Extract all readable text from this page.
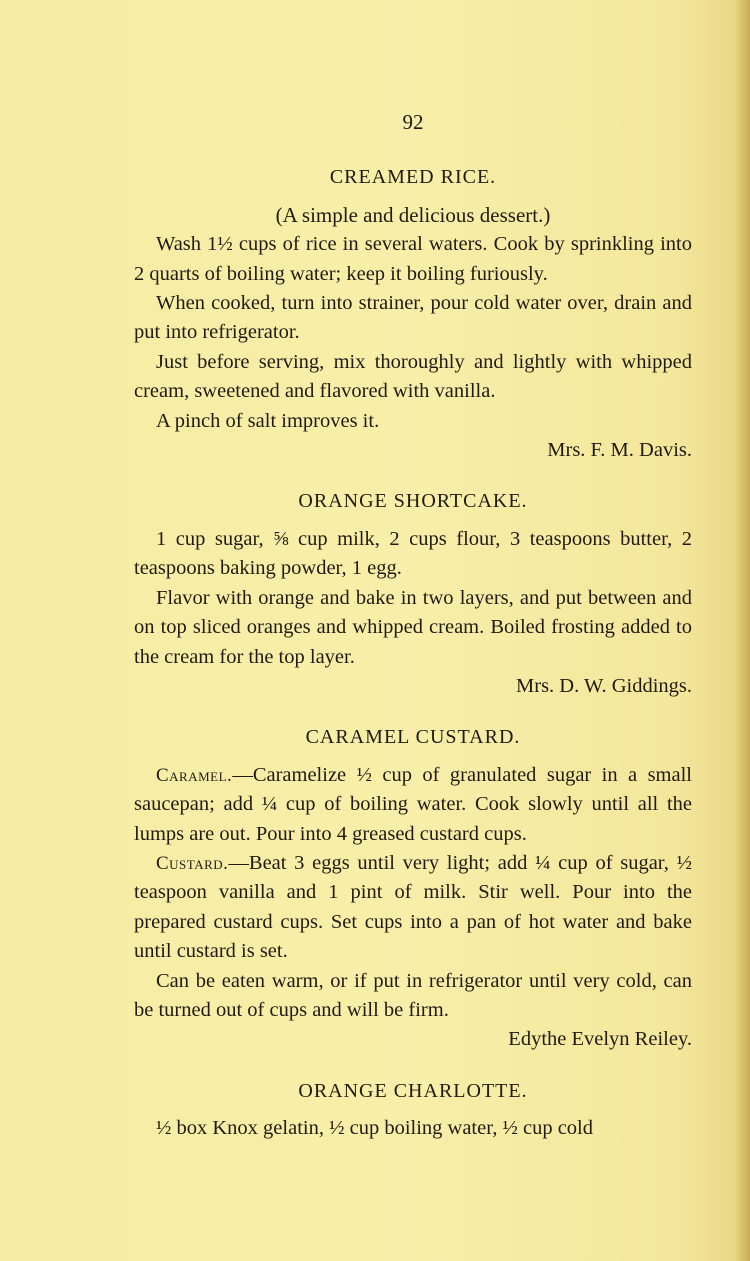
92
CREAMED RICE.
(A simple and delicious dessert.)

Wash 1½ cups of rice in several waters. Cook by sprinkling into 2 quarts of boiling water; keep it boiling furiously.

When cooked, turn into strainer, pour cold water over, drain and put into refrigerator.

Just before serving, mix thoroughly and lightly with whipped cream, sweetened and flavored with vanilla.

A pinch of salt improves it.

Mrs. F. M. Davis.
ORANGE SHORTCAKE.

1 cup sugar, ⅝ cup milk, 2 cups flour, 3 teaspoons butter, 2 teaspoons baking powder, 1 egg.

Flavor with orange and bake in two layers, and put between and on top sliced oranges and whipped cream. Boiled frosting added to the cream for the top layer.

Mrs. D. W. Giddings.
CARAMEL CUSTARD.

Caramel.—Caramelize ½ cup of granulated sugar in a small saucepan; add ¼ cup of boiling water. Cook slowly until all the lumps are out. Pour into 4 greased custard cups.

Custard.—Beat 3 eggs until very light; add ¼ cup of sugar, ½ teaspoon vanilla and 1 pint of milk. Stir well. Pour into the prepared custard cups. Set cups into a pan of hot water and bake until custard is set.

Can be eaten warm, or if put in refrigerator until very cold, can be turned out of cups and will be firm.

Edythe Evelyn Reiley.
ORANGE CHARLOTTE.

½ box Knox gelatin, ½ cup boiling water, ½ cup cold
